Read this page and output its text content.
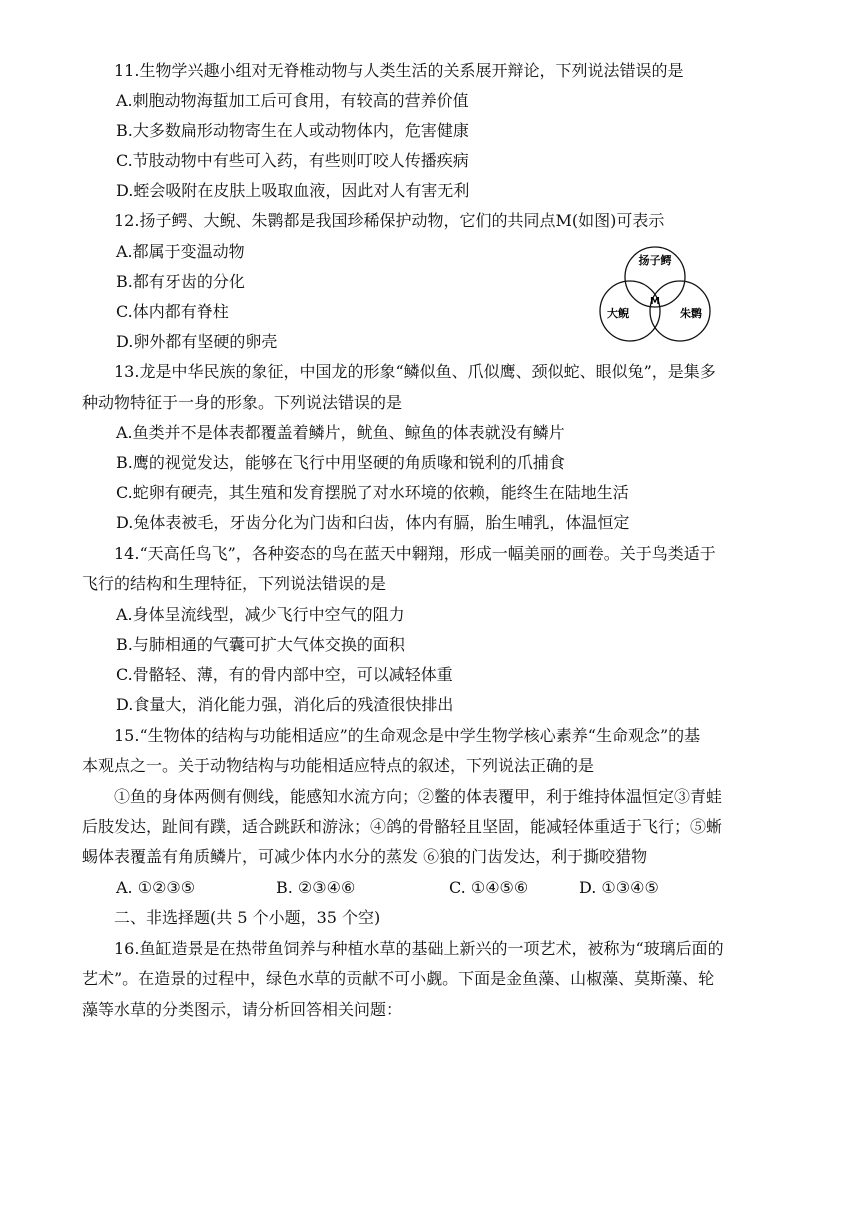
11.生物学兴趣小组对无脊椎动物与人类生活的关系展开辩论，下列说法错误的是
A.刺胞动物海蜇加工后可食用，有较高的营养价值
B.大多数扁形动物寄生在人或动物体内，危害健康
C.节肢动物中有些可入药，有些则叮咬人传播疾病
D.蛭会吸附在皮肤上吸取血液，因此对人有害无利
12.扬子鳄、大鲵、朱鹮都是我国珍稀保护动物，它们的共同点M(如图)可表示
A.都属于变温动物
B.都有牙齿的分化
C.体内都有脊柱
D.卵外都有坚硬的卵壳
扬子鳄
大鲵	朱鹮
M
13.龙是中华民族的象征，中国龙的形象“鳞似鱼、爪似鹰、颈似蛇、眼似兔”，是集多
种动物特征于一身的形象。下列说法错误的是
A.鱼类并不是体表都覆盖着鳞片，鱿鱼、鲸鱼的体表就没有鳞片
B.鹰的视觉发达，能够在飞行中用坚硬的角质喙和锐利的爪捕食
C.蛇卵有硬壳，其生殖和发育摆脱了对水环境的依赖，能终生在陆地生活
D.兔体表被毛，牙齿分化为门齿和臼齿，体内有膈，胎生哺乳，体温恒定
14.“天高任鸟飞”，各种姿态的鸟在蓝天中翱翔，形成一幅美丽的画卷。关于鸟类适于
飞行的结构和生理特征，下列说法错误的是
A.身体呈流线型，减少飞行中空气的阻力
B.与肺相通的气囊可扩大气体交换的面积
C.骨骼轻、薄，有的骨内部中空，可以减轻体重
D.食量大，消化能力强，消化后的残渣很快排出
15.“生物体的结构与功能相适应”的生命观念是中学生物学核心素养“生命观念”的基
本观点之一。关于动物结构与功能相适应特点的叙述，下列说法正确的是
①鱼的身体两侧有侧线，能感知水流方向；②鳖的体表覆甲，利于维持体温恒定③青蛙
后肢发达，趾间有蹼，适合跳跃和游泳；④鸽的骨骼轻且坚固，能减轻体重适于飞行；⑤蜥
蜴体表覆盖有角质鳞片，可减少体内水分的蒸发 ⑥狼的门齿发达，利于撕咬猎物
A. ①②③⑤	B. ②③④⑥	C. ①④⑤⑥	D. ①③④⑤
二、非选择题(共 5 个小题，35 个空)
16.鱼缸造景是在热带鱼饲养与种植水草的基础上新兴的一项艺术，被称为“玻璃后面的
艺术”。在造景的过程中，绿色水草的贡献不可小觑。下面是金鱼藻、山椒藻、莫斯藻、轮
藻等水草的分类图示，请分析回答相关问题：
